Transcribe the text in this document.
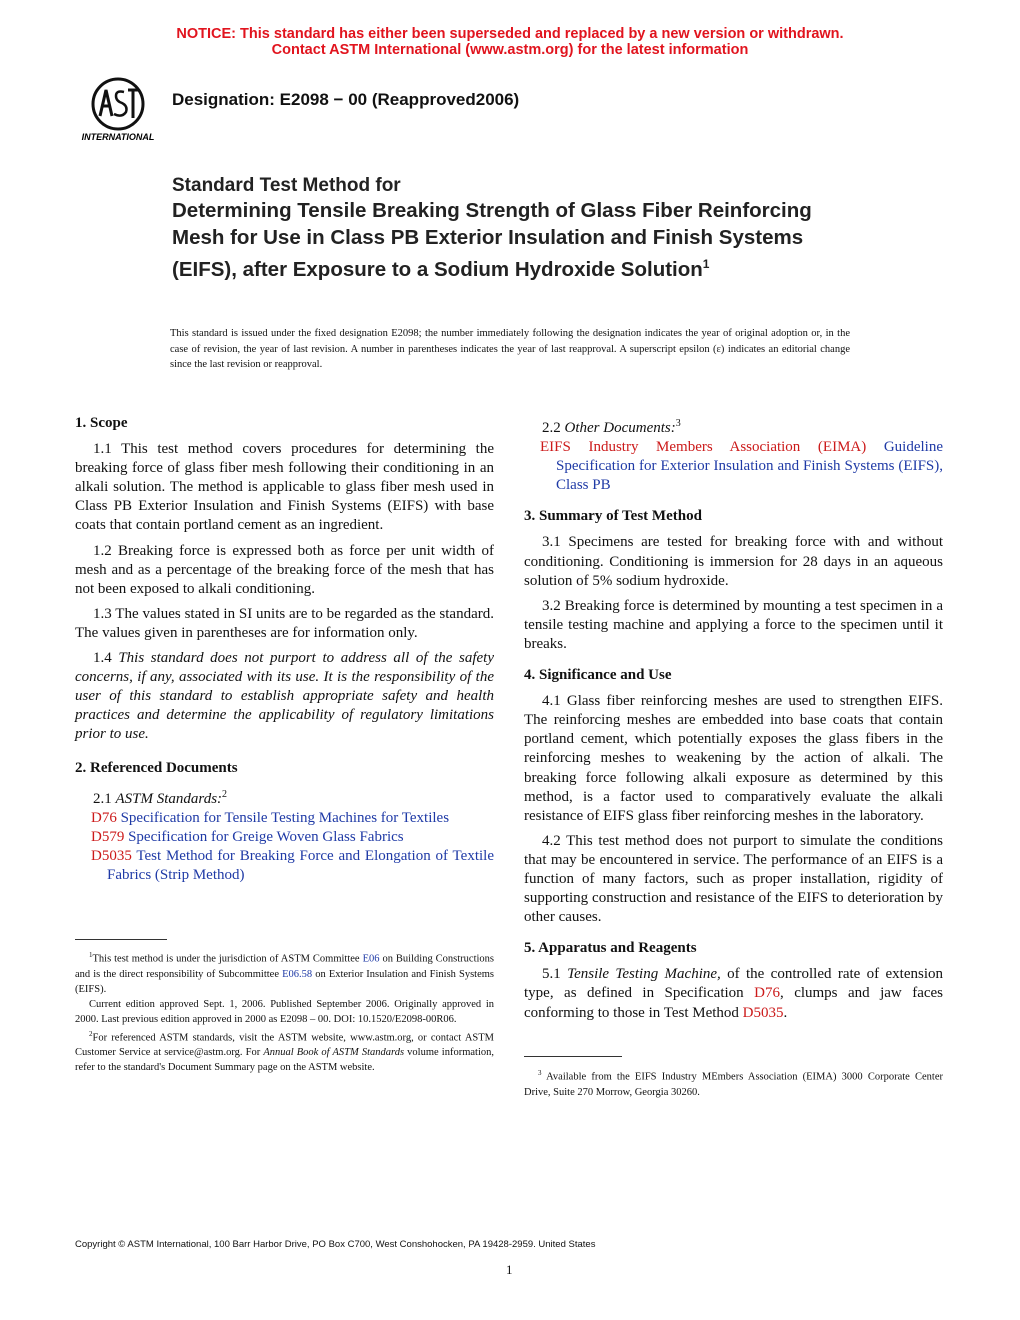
NOTICE: This standard has either been superseded and replaced by a new version or withdrawn.
Contact ASTM International (www.astm.org) for the latest information
INTERNATIONAL
Designation: E2098 − 00 (Reapproved2006)
Standard Test Method for
Determining Tensile Breaking Strength of Glass Fiber Reinforcing Mesh for Use in Class PB Exterior Insulation and Finish Systems (EIFS), after Exposure to a Sodium Hydroxide Solution$^1$
This standard is issued under the fixed designation E2098; the number immediately following the designation indicates the year of original adoption or, in the case of revision, the year of last revision. A number in parentheses indicates the year of last reapproval. A superscript epsilon (ε) indicates an editorial change since the last revision or reapproval.
1. Scope

1.1 This test method covers procedures for determining the breaking force of glass fiber mesh following their conditioning in an alkali solution. The method is applicable to glass fiber mesh used in Class PB Exterior Insulation and Finish Systems (EIFS) with base coats that contain portland cement as an ingredient.

1.2 Breaking force is expressed both as force per unit width of mesh and as a percentage of the breaking force of the mesh that has not been exposed to alkali conditioning.

1.3 The values stated in SI units are to be regarded as the standard. The values given in parentheses are for information only.

1.4 This standard does not purport to address all of the safety concerns, if any, associated with its use. It is the responsibility of the user of this standard to establish appropriate safety and health practices and determine the applicability of regulatory limitations prior to use.

2. Referenced Documents

2.1 ASTM Standards:$^2$

D76 Specification for Tensile Testing Machines for Textiles

D579 Specification for Greige Woven Glass Fabrics

D5035 Test Method for Breaking Force and Elongation of Textile Fabrics (Strip Method)

$^1$This test method is under the jurisdiction of ASTM Committee E06 on Building Constructions and is the direct responsibility of Subcommittee E06.58 on Exterior Insulation and Finish Systems (EIFS).

Current edition approved Sept. 1, 2006. Published September 2006. Originally approved in 2000. Last previous edition approved in 2000 as E2098 – 00. DOI: 10.1520/E2098-00R06.

$^2$For referenced ASTM standards, visit the ASTM website, www.astm.org, or contact ASTM Customer Service at service@astm.org. For Annual Book of ASTM Standards volume information, refer to the standard's Document Summary page on the ASTM website.

2.2 Other Documents:$^3$

EIFS Industry Members Association (EIMA) Guideline Specification for Exterior Insulation and Finish Systems (EIFS), Class PB

3. Summary of Test Method

3.1 Specimens are tested for breaking force with and without conditioning. Conditioning is immersion for 28 days in an aqueous solution of 5% sodium hydroxide.

3.2 Breaking force is determined by mounting a test specimen in a tensile testing machine and applying a force to the specimen until it breaks.

4. Significance and Use

4.1 Glass fiber reinforcing meshes are used to strengthen EIFS. The reinforcing meshes are embedded into base coats that contain portland cement, which potentially exposes the glass fibers in the reinforcing meshes to weakening by the action of alkali. The breaking force following alkali exposure as determined by this method, is a factor used to comparatively evaluate the alkali resistance of EIFS glass fiber reinforcing meshes in the laboratory.

4.2 This test method does not purport to simulate the conditions that may be encountered in service. The performance of an EIFS is a function of many factors, such as proper installation, rigidity of supporting construction and resistance of the EIFS to deterioration by other causes.

5. Apparatus and Reagents

5.1 Tensile Testing Machine, of the controlled rate of extension type, as defined in Specification D76, clumps and jaw faces conforming to those in Test Method D5035.

$^3$ Available from the EIFS Industry MEmbers Association (EIMA) 3000 Corporate Center Drive, Suite 270 Morrow, Georgia 30260.

Copyright © ASTM International, 100 Barr Harbor Drive, PO Box C700, West Conshohocken, PA 19428-2959. United States
1
